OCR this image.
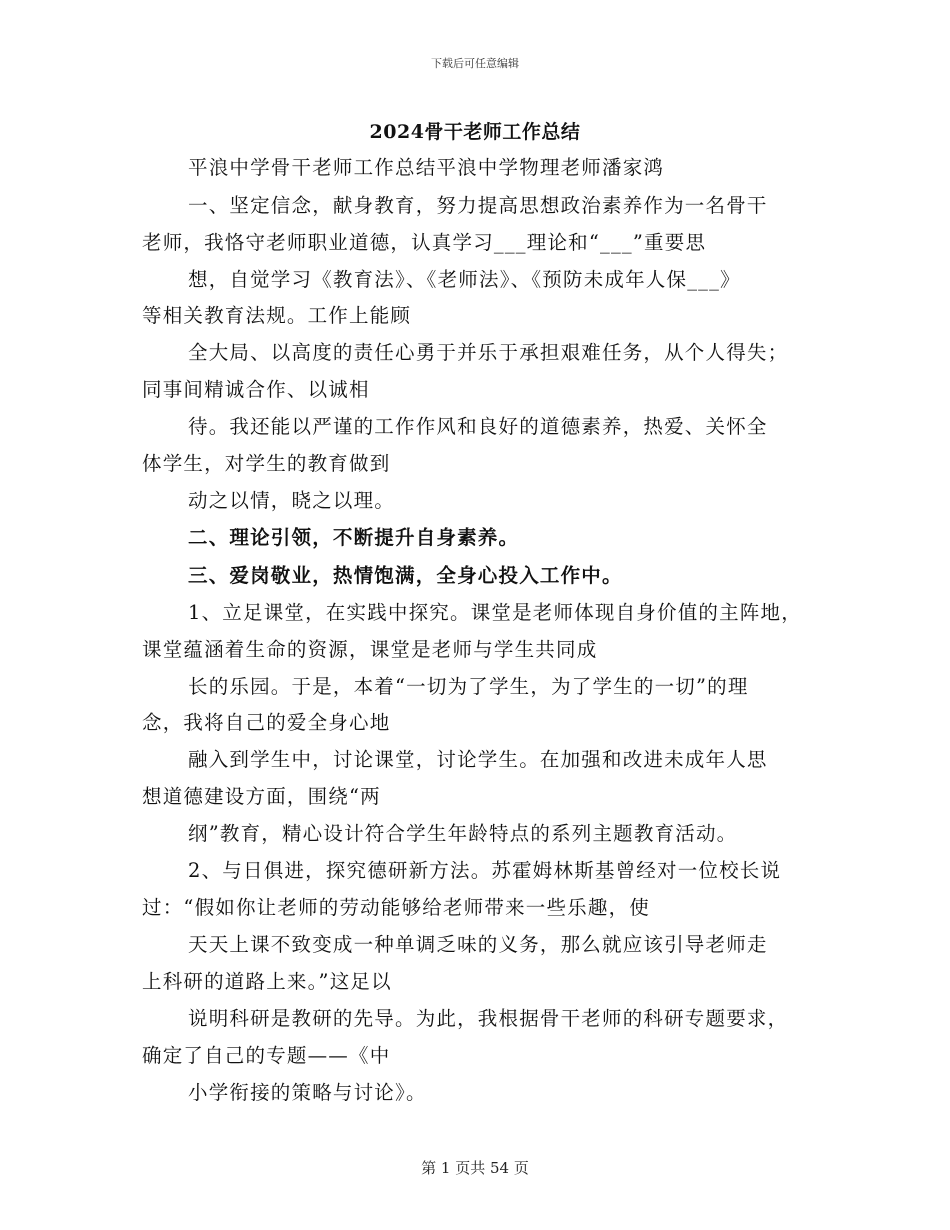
下载后可任意编辑
2024骨干老师工作总结
平浪中学骨干老师工作总结平浪中学物理老师潘家鸿
一、坚定信念，献身教育，努力提高思想政治素养作为一名骨干
老师，我恪守老师职业道德，认真学习___理论和“___”重要思
想，自觉学习《教育法》、《老师法》、《预防未成年人保___》
等相关教育法规。工作上能顾
全大局、以高度的责任心勇于并乐于承担艰难任务，从个人得失；
同事间精诚合作、以诚相
待。我还能以严谨的工作作风和良好的道德素养，热爱、关怀全
体学生，对学生的教育做到
动之以情，晓之以理。
二、理论引领，不断提升自身素养。
三、爱岗敬业，热情饱满，全身心投入工作中。
1、立足课堂，在实践中探究。课堂是老师体现自身价值的主阵地，
课堂蕴涵着生命的资源，课堂是老师与学生共同成
长的乐园。于是，本着“一切为了学生，为了学生的一切”的理
念，我将自己的爱全身心地
融入到学生中，讨论课堂，讨论学生。在加强和改进未成年人思
想道德建设方面，围绕“两
纲”教育，精心设计符合学生年龄特点的系列主题教育活动。
2、与日俱进，探究德研新方法。苏霍姆林斯基曾经对一位校长说
过：“假如你让老师的劳动能够给老师带来一些乐趣，使
天天上课不致变成一种单调乏味的义务，那么就应该引导老师走
上科研的道路上来。”这足以
说明科研是教研的先导。为此，我根据骨干老师的科研专题要求，
确定了自己的专题——《中
小学衔接的策略与讨论》。
第 1 页共 54 页
